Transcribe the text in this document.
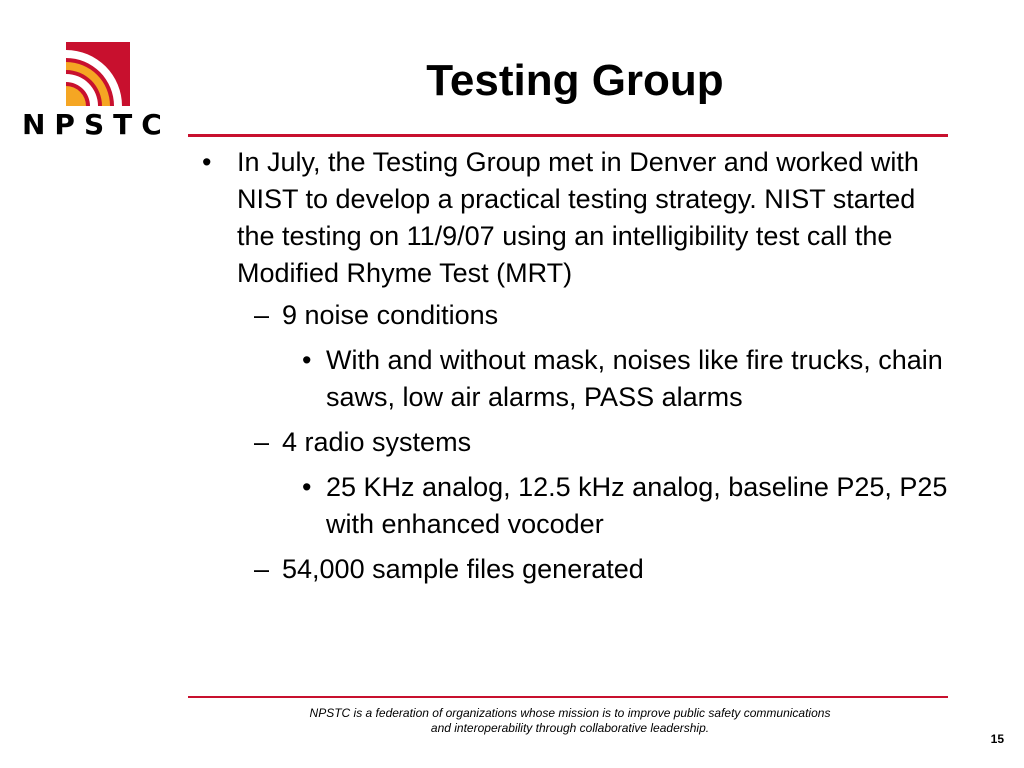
NPSTC
Testing Group
• In July, the Testing Group met in Denver and worked with NIST to develop a practical testing strategy. NIST started the testing on 11/9/07 using an intelligibility test call the Modified Rhyme Test (MRT)
– 9 noise conditions
• With and without mask, noises like fire trucks, chain saws, low air alarms, PASS alarms
– 4 radio systems
• 25 KHz analog, 12.5 kHz analog, baseline P25, P25 with enhanced vocoder
– 54,000 sample files generated
NPSTC is a federation of organizations whose mission is to improve public safety communications
and interoperability through collaborative leadership.
15
